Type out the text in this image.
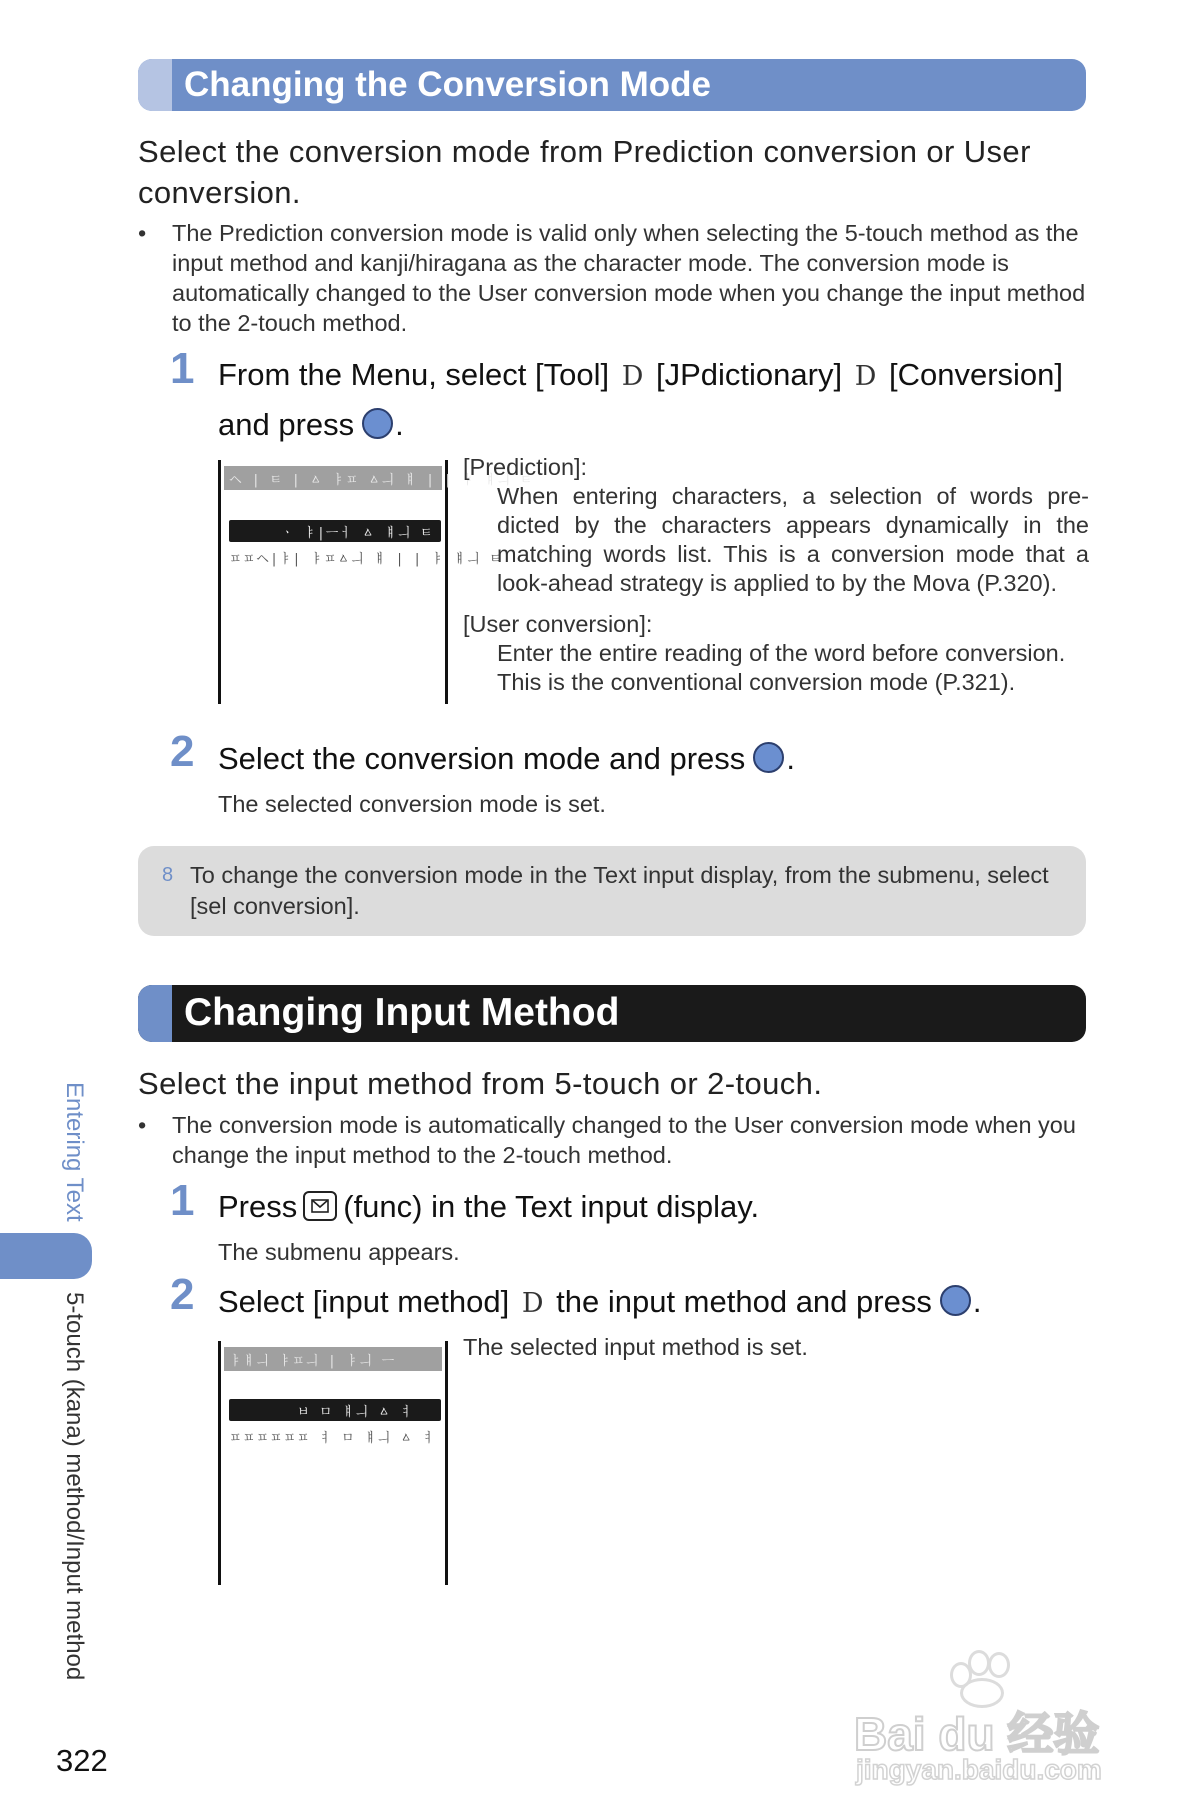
Changing the Conversion Mode
Select the conversion mode from Prediction conversion or User conversion.
• The Prediction conversion mode is valid only when selecting the 5-touch method as the input method and kanji/hiragana as the character mode. The conversion mode is automatically changed to the User conversion mode when you change the input method to the 2-touch method.
1 From the Menu, select [Tool] D [JPdictionary] D [Conversion]
and press .
ヘ | ㅌ | ㅿ ㅑㅍ ㅿㅢ ㅒ | | ㅑ ㅒㅢ ㅌ
ㆍ ㅑ|ㅡㅓ ㅿ ㅒㅢ ㅌ
ㅍㅍヘ|ㅑ| ㅑㅍㅿㅢ ㅒ | | ㅑ ㅒㅢ ㅌ
[Prediction]:
When entering characters, a selection of words pre-dicted by the characters appears dynamically in the matching words list. This is a conversion mode that a look-ahead strategy is applied to by the Mova (P.320).
[User conversion]:
Enter the entire reading of the word before conversion. This is the conventional conversion mode (P.321).
2 Select the conversion mode and press .
The selected conversion mode is set.
8 To change the conversion mode in the Text input display, from the submenu, select [sel conversion].
Changing Input Method
Select the input method from 5-touch or 2-touch.
• The conversion mode is automatically changed to the User conversion mode when you change the input method to the 2-touch method.
1 Press (func) in the Text input display.
The submenu appears.
2 Select [input method] D the input method and press .
ㅑㅒㅢ ㅑㅍㅢ | ㅑㅢ ㅡ
ㅂ ㅁ ㅒㅢ ㅿ ㅕ
ㅍㅍㅍㅍㅍㅍ ㅕ ㅁ ㅒㅢ ㅿ ㅕ
The selected input method is set.
Entering Text
5-touch (kana) method/Input method
322
Bai du 经验
jingyan.baidu.com
